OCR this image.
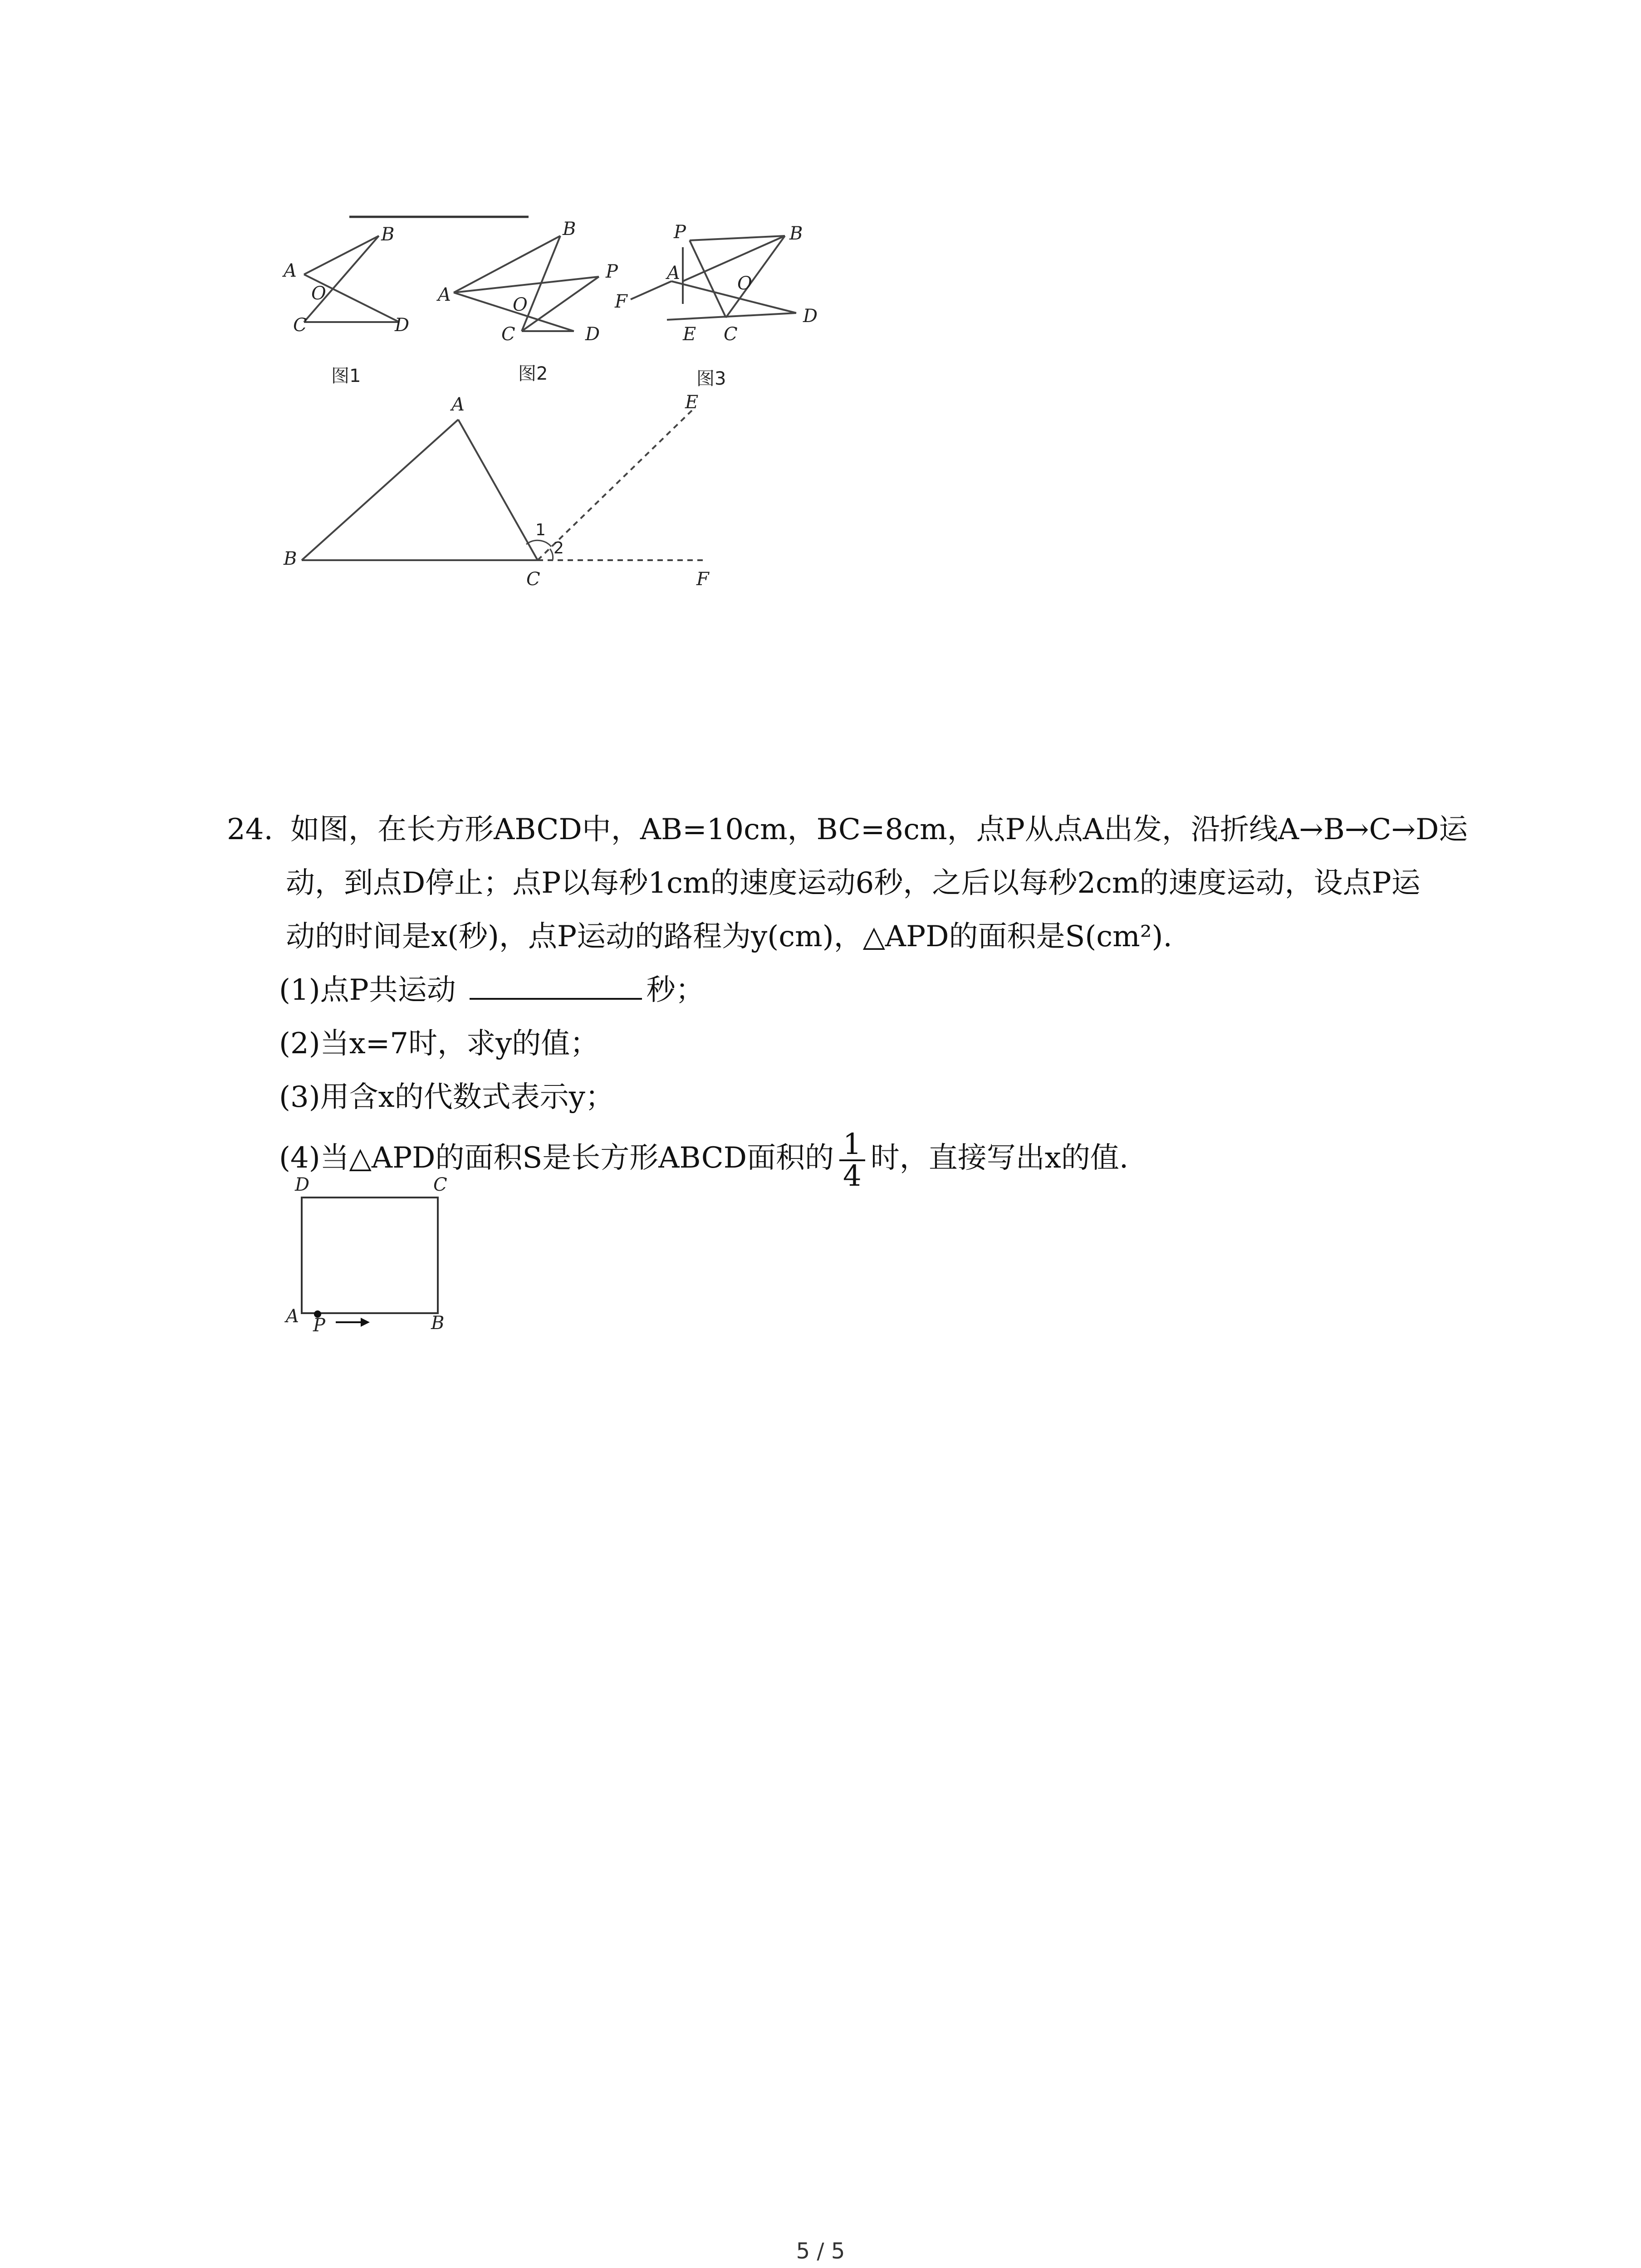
B
A
O
C	D
图1
B
P
A	O
C	D
图2
P	B
A	O
F
E C
D
图3
A	E
B
C	F
1
2
24. 如图，在长方形ABCD中，AB=10cm，BC=8cm，点P从点A出发，沿折线A→B→C→D运
动，到点D停止；点P以每秒1cm的速度运动6秒，之后以每秒2cm的速度运动，设点P运
动的时间是x(秒)，点P运动的路程为y(cm)，△APD的面积是S(cm²).
(1)点P共运动	秒；
(2)当x=7时，求y的值；
(3)用含x的代数式表示y；
(4)当△APD的面积S是长方形ABCD面积的 $\frac{1}{4}$ 时，直接写出x的值.
D	C
A P	B
5 / 5
